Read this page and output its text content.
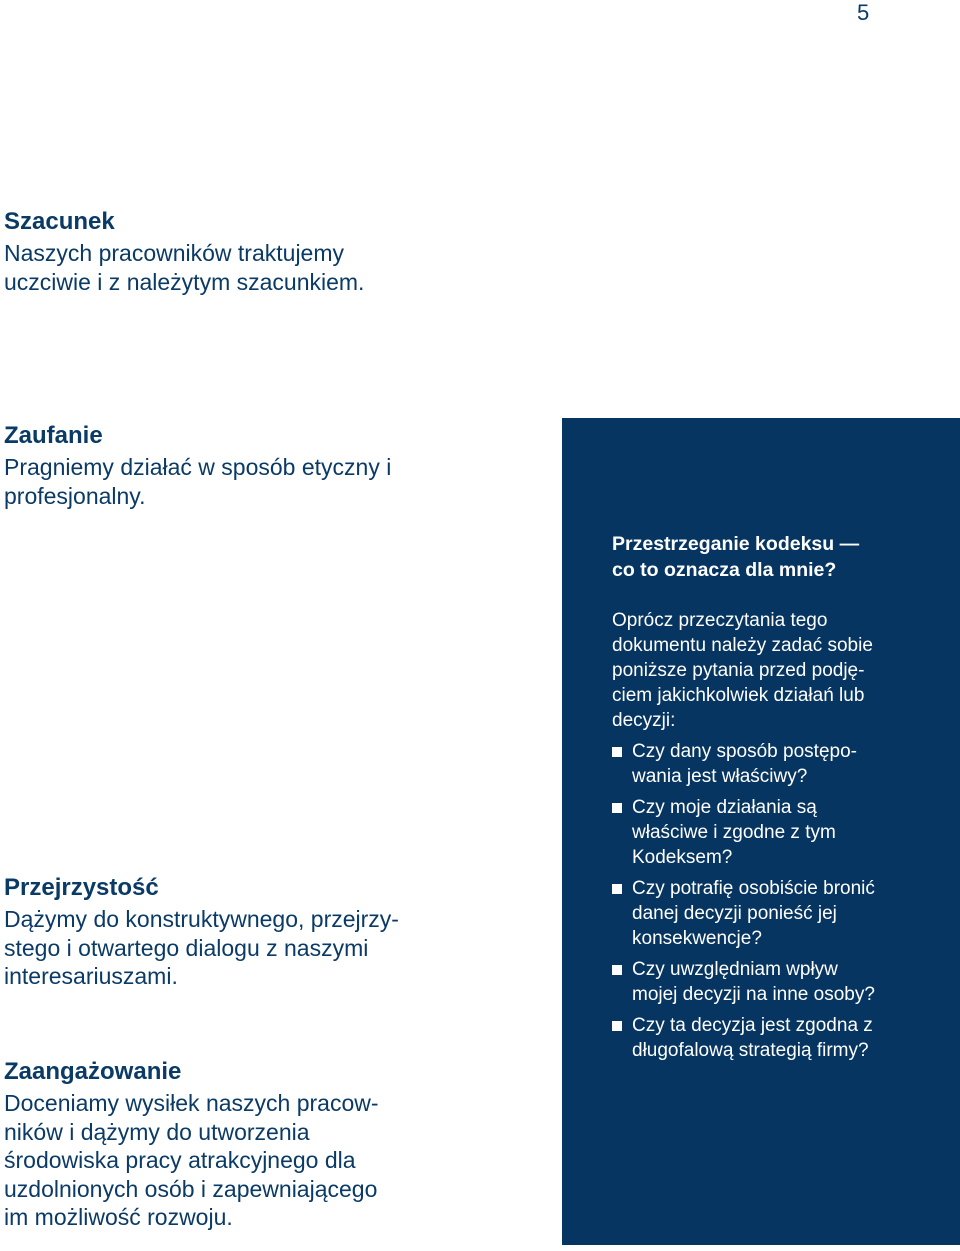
5
Szacunek

Naszych pracowników traktujemy
uczciwie i z należytym szacunkiem.

Zaufanie

Pragniemy działać w sposób etyczny i
profesjonalny.

Przejrzystość

Dążymy do konstruktywnego, przejrzy-
stego i otwartego dialogu z naszymi
interesariuszami.

Zaangażowanie

Doceniamy wysiłek naszych pracow-
ników i dążymy do utworzenia
środowiska pracy atrakcyjnego dla
uzdolnionych osób i zapewniającego
im możliwość rozwoju.

Przestrzeganie kodeksu —
co to oznacza dla mnie?

Oprócz przeczytania tego
dokumentu należy zadać sobie
poniższe pytania przed podję-
ciem jakichkolwiek działań lub
decyzji:

Czy dany sposób postępo-
wania jest właściwy?
Czy moje działania są
właściwe i zgodne z tym
Kodeksem?
Czy potrafię osobiście bronić
danej decyzji ponieść jej
konsekwencje?
Czy uwzględniam wpływ
mojej decyzji na inne osoby?
Czy ta decyzja jest zgodna z
długofalową strategią firmy?
